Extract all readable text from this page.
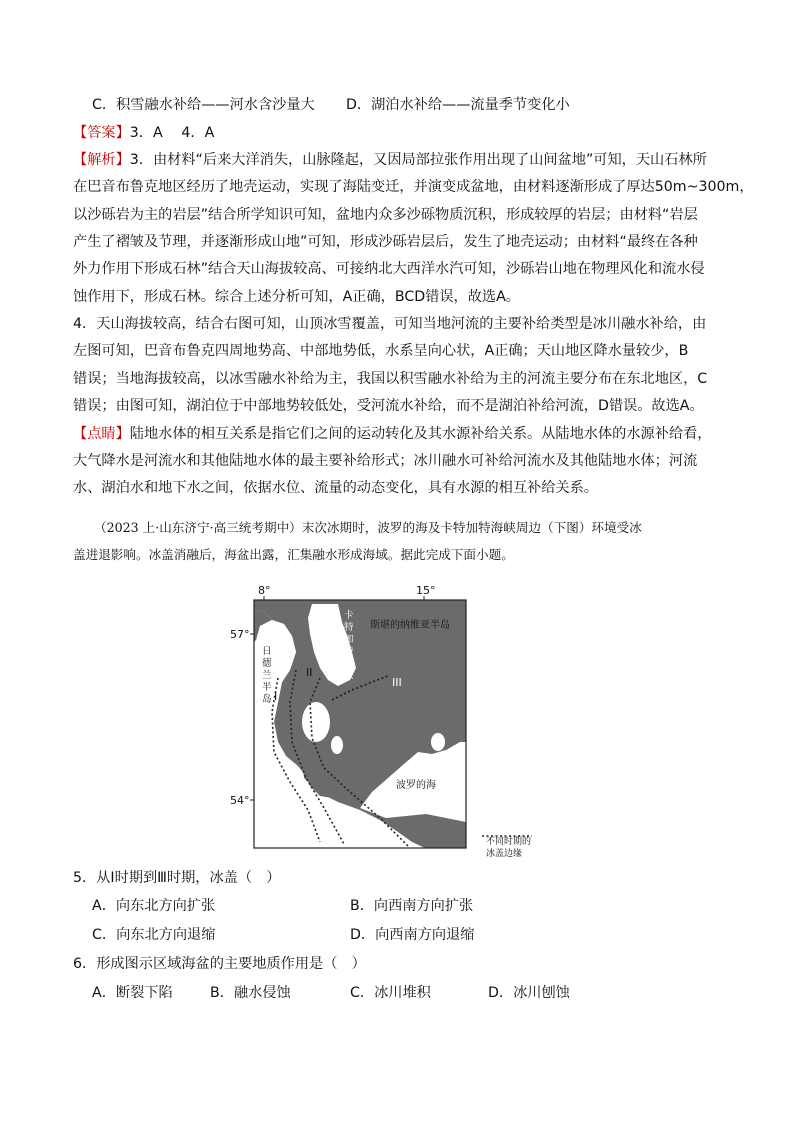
C．积雪融水补给——河水含沙量大 D．湖泊水补给——流量季节变化小
【答案】3．A　 4．A
【解析】3．由材料“后来大洋消失，山脉隆起，又因局部拉张作用出现了山间盆地”可知，天山石林所
在巴音布鲁克地区经历了地壳运动，实现了海陆变迁，并演变成盆地，由材料逐渐形成了厚达50m~300m，
以沙砾岩为主的岩层”结合所学知识可知，盆地内众多沙砾物质沉积，形成较厚的岩层；由材料“岩层
产生了褶皱及节理，并逐渐形成山地”可知，形成沙砾岩层后，发生了地壳运动；由材料“最终在各种
外力作用下形成石林”结合天山海拔较高、可接纳北大西洋水汽可知，沙砾岩山地在物理风化和流水侵
蚀作用下，形成石林。综合上述分析可知，A正确，BCD错误，故选A。
4．天山海拔较高，结合右图可知，山顶冰雪覆盖，可知当地河流的主要补给类型是冰川融水补给，由
左图可知，巴音布鲁克四周地势高、中部地势低，水系呈向心状，A正确；天山地区降水量较少，B
错误；当地海拔较高，以冰雪融水补给为主，我国以积雪融水补给为主的河流主要分布在东北地区，C
错误；由图可知，湖泊位于中部地势较低处，受河流水补给，而不是湖泊补给河流，D错误。故选A。
【点睛】陆地水体的相互关系是指它们之间的运动转化及其水源补给关系。从陆地水体的水源补给看，
大气降水是河流水和其他陆地水体的最主要补给形式；冰川融水可补给河流水及其他陆地水体；河流
水、湖泊水和地下水之间，依据水位、流量的动态变化，具有水源的相互补给关系。
（2023 上·山东济宁·高三统考期中）末次冰期时，波罗的海及卡特加特海峡周边（下图）环境受冰
盖进退影响。冰盖消融后，海盆出露，汇集融水形成海域。据此完成下面小题。
8°	15°
57°
54°
卡
特
加
特
海
峡
日
德
兰
半
岛
斯堪的纳维亚半岛
波罗的海
I
II
III
不同时期的
冰盖边缘
5．从Ⅰ时期到Ⅲ时期，冰盖（　）
A．向东北方向扩张	B．向西南方向扩张
C．向东北方向退缩	D．向西南方向退缩
6．形成图示区域海盆的主要地质作用是（　）
A．断裂下陷	B．融水侵蚀	C．冰川堆积	D．冰川刨蚀
